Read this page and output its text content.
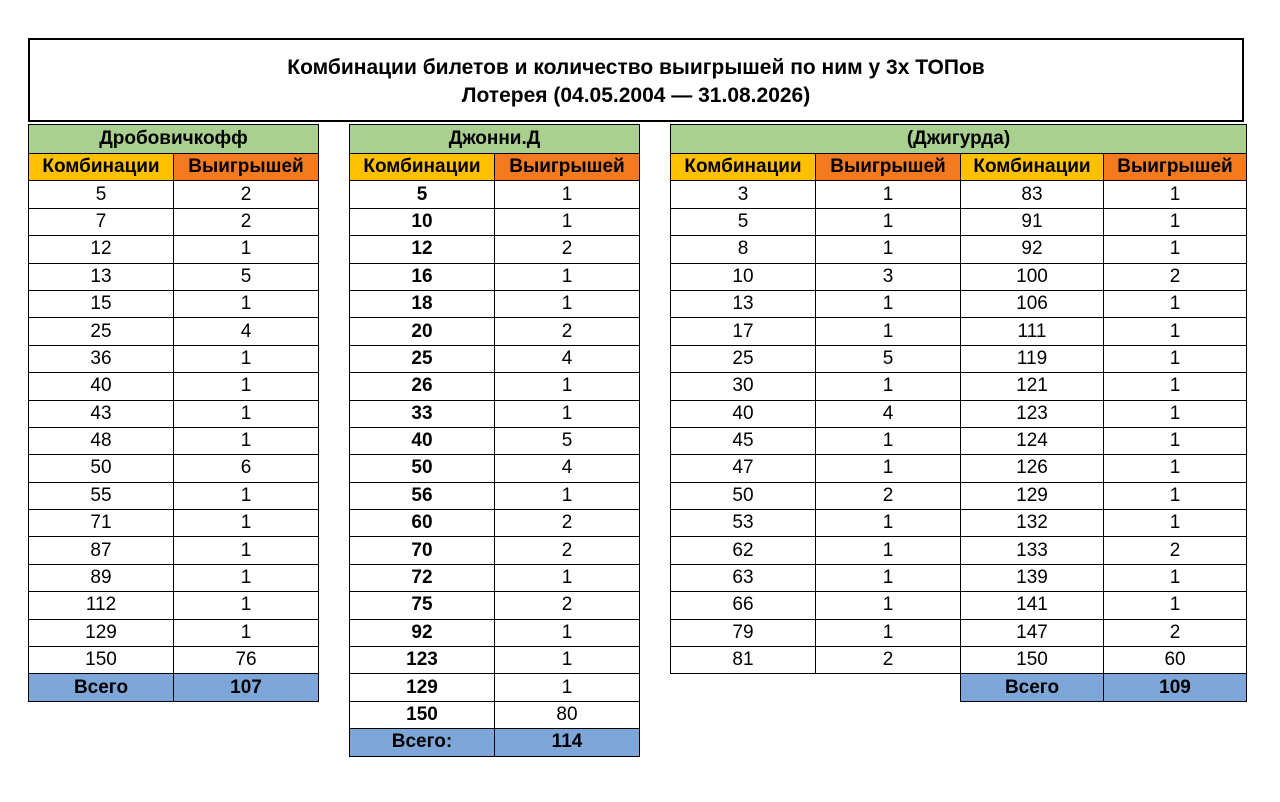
Комбинации билетов и количество выигрышей по ним у 3х ТОПов
Лотерея (04.05.2004 — 31.08.2026)
Дробовичкофф	
Комбинации	Выигрышей
5	2
7	2
12	1
13	5
15	1
25	4
36	1
40	1
43	1
48	1
50	6
55	1
71	1
87	1
89	1
112	1
129	1
150	76
Всего	107
Джонни.Д	
Комбинации	Выигрышей
5	1
10	1
12	2
16	1
18	1
20	2
25	4
26	1
33	1
40	5
50	4
56	1
60	2
70	2
72	1
75	2
92	1
123	1
129	1
150	80
Всего:	114
(Джигурда)			
Комбинации	Выигрышей	Комбинации	Выигрышей
3	1	83	1
5	1	91	1
8	1	92	1
10	3	100	2
13	1	106	1
17	1	111	1
25	5	119	1
30	1	121	1
40	4	123	1
45	1	124	1
47	1	126	1
50	2	129	1
53	1	132	1
62	1	133	2
63	1	139	1
66	1	141	1
79	1	147	2
81	2	150	60
		Всего	109
